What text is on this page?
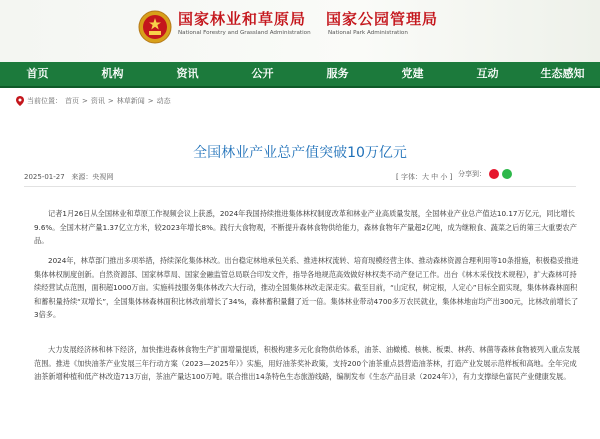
国家林业和草原局
National Forestry and Grassland Administration
国家公园管理局
National Park Administration
首页	机构	资讯	公开	服务	党建	互动	生态感知
当前位置： 首页 > 资讯 > 林草新闻 > 动态
全国林业产业总产值突破10万亿元
2025-01-27 来源：央视网	[ 字体：大 中 小 ] 分享到：
记者1月26日从全国林业和草原工作视频会议上获悉，2024年我国持续推进集体林权制度改革和林业产业高质量发展，全国林业产业总产值达10.17万亿元，同比增长9.6%。全国木材产量1.37亿立方米，较2023年增长8%。践行大食物观，不断提升森林食物供给能力，森林食物年产量超2亿吨，成为继粮食、蔬菜之后的第三大重要农产品。
2024年，林草部门推出多项举措，持续深化集体林改。出台稳定林地承包关系、推进林权流转、培育现模经营主体、推动森林资源合理利用等10条措施，积极稳妥推进集体林权制度创新。自然资源部、国家林草局、国家金融监管总局联合印发文件，指导各地规范高效做好林权类不动产登记工作。出台《林木采伐技术规程》，扩大森林可持续经营试点范围，面积超1000万亩。实施科技服务集体林改六大行动，推动全国集体林改走深走实。截至目前，“山定权，树定根，人定心”目标全面实现，集体林森林面积和蓄积量持续“双增长”，全国集体林森林面积比林改前增长了34%，森林蓄积量翻了近一倍。集体林业带动4700多万农民就业，集体林地亩均产出300元，比林改前增长了3倍多。
大力发展经济林和林下经济，加快推进森林食物生产扩面增量提质，积极构建多元化食物供给体系，油茶、油橄榄、核桃、板栗、林药、林菌等森林食物被列入重点发展范围。推进《加快油茶产业发展三年行动方案（2023—2025年）》实施，用好油茶奖补政策，支持200个油茶重点县营造油茶林，打造产业发展示范样板和高地。全年完成油茶新增种植和低产林改造713万亩，茶油产量达100万吨。联合推出14条特色生态旅游线路，编制发布《生态产品目录（2024年）》，有力支撑绿色富民产业健康发展。
